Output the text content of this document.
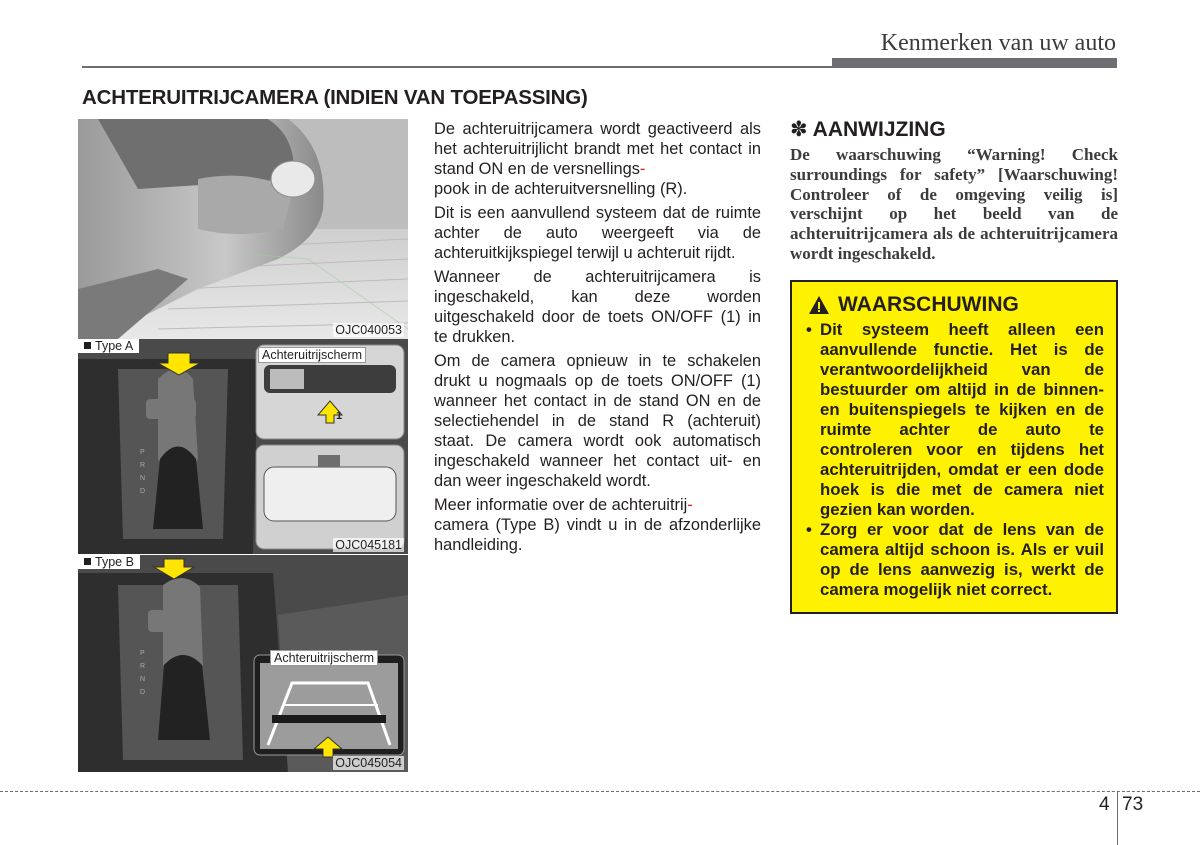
Kenmerken van uw auto
ACHTERUITRIJCAMERA (INDIEN VAN TOEPASSING)
OJC040053
Type A
P
R
N
D
1
OJC045181
Achteruitrijscherm
Type B
P
R
N
D
OJC045054
Achteruitrijscherm

De achteruitrijcamera wordt geactiveerd als het achteruitrijlicht brandt met het contact in stand ON en de versnellings-
pook in de achteruitversnelling (R).

Dit is een aanvullend systeem dat de ruimte achter de auto weergeeft via de achteruitkijkspiegel terwijl u achteruit rijdt.

Wanneer de achteruitrijcamera is ingeschakeld, kan deze worden uitgeschakeld door de toets ON/OFF (1) in te drukken.

Om de camera opnieuw in te schakelen drukt u nogmaals op de toets ON/OFF (1) wanneer het contact in de stand ON en de selectiehendel in de stand R (achteruit) staat. De camera wordt ook automatisch ingeschakeld wanneer het contact uit- en dan weer ingeschakeld wordt.

Meer informatie over de achteruitrij-
camera (Type B) vindt u in de afzonderlijke handleiding.

✽ AANWIJZING
De waarschuwing “Warning! Check surroundings for safety” [Waarschuwing! Controleer of de omgeving veilig is] verschijnt op het beeld van de achteruitrijcamera als de achteruitrijcamera wordt ingeschakeld.
WAARSCHUWING
• Dit systeem heeft alleen een aanvullende functie. Het is de verantwoordelijkheid van de bestuurder om altijd in de binnen- en buitenspiegels te kijken en de ruimte achter de auto te controleren voor en tijdens het achteruitrijden, omdat er een dode hoek is die met de camera niet gezien kan worden.
• Zorg er voor dat de lens van de camera altijd schoon is. Als er vuil op de lens aanwezig is, werkt de camera mogelijk niet correct.
4 73
